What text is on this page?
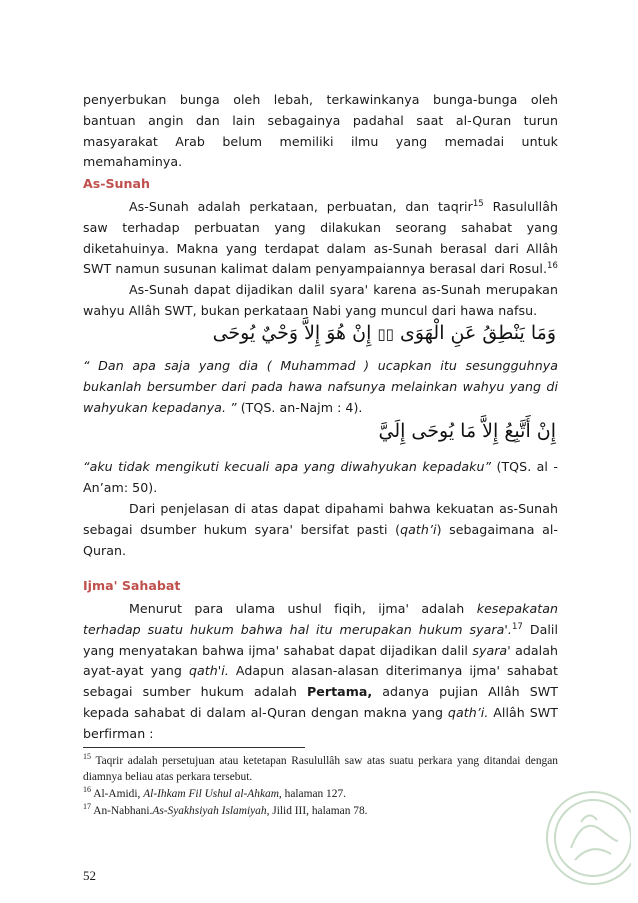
penyerbukan bunga oleh lebah, terkawinkanya bunga-bunga oleh bantuan angin dan lain sebagainya padahal saat al-Quran turun masyarakat Arab belum memiliki ilmu yang memadai untuk memahaminya.

As-Sunah

As-Sunah adalah perkataan, perbuatan, dan taqrir$^{15}$ Rasulullâh saw terhadap perbuatan yang dilakukan seorang sahabat yang diketahuinya. Makna yang terdapat dalam as-Sunah berasal dari Allâh SWT namun susunan kalimat dalam penyampaiannya berasal dari Rosul.$^{16}$

As-Sunah dapat dijadikan dalil syara' karena as-Sunah merupakan wahyu Allâh SWT, bukan perkataan Nabi yang muncul dari hawa nafsu.

وَمَا يَنْطِقُ عَنِ الْهَوَى ▯▯ إِنْ هُوَ إِلاَّ وَحْيٌ يُوحَى

“ Dan apa saja yang dia ( Muhammad ) ucapkan itu sesungguhnya bukanlah bersumber dari pada hawa nafsunya melainkan wahyu yang di wahyukan kepadanya. ” (TQS. an-Najm : 4).

إِنْ أَتَّبِعُ إِلاَّ مَا يُوحَى إِلَيَّ

“aku tidak mengikuti kecuali apa yang diwahyukan kepadaku” (TQS. al -An’am: 50).

Dari penjelasan di atas dapat dipahami bahwa kekuatan as-Sunah sebagai dsumber hukum syara' bersifat pasti (qath’i) sebagaimana al-Quran.

Ijma' Sahabat

Menurut para ulama ushul fiqih, ijma' adalah kesepakatan terhadap suatu hukum bahwa hal itu merupakan hukum syara'.$^{17}$ Dalil yang menyatakan bahwa ijma' sahabat dapat dijadikan dalil syara' adalah ayat-ayat yang qath'i. Adapun alasan-alasan diterimanya ijma' sahabat sebagai sumber hukum adalah Pertama, adanya pujian Allâh SWT kepada sahabat di dalam al-Quran dengan makna yang qath’i. Allâh SWT berfirman :

$^{15}$ Taqrir adalah persetujuan atau ketetapan Rasulullâh saw atas suatu perkara yang ditandai dengan diamnya beliau atas perkara tersebut.

$^{16}$ Al-Amidi, Al-Ihkam Fil Ushul al-Ahkam, halaman 127.

$^{17}$ An-Nabhani.As-Syakhsiyah Islamiyah, Jilid III, halaman 78.

52
